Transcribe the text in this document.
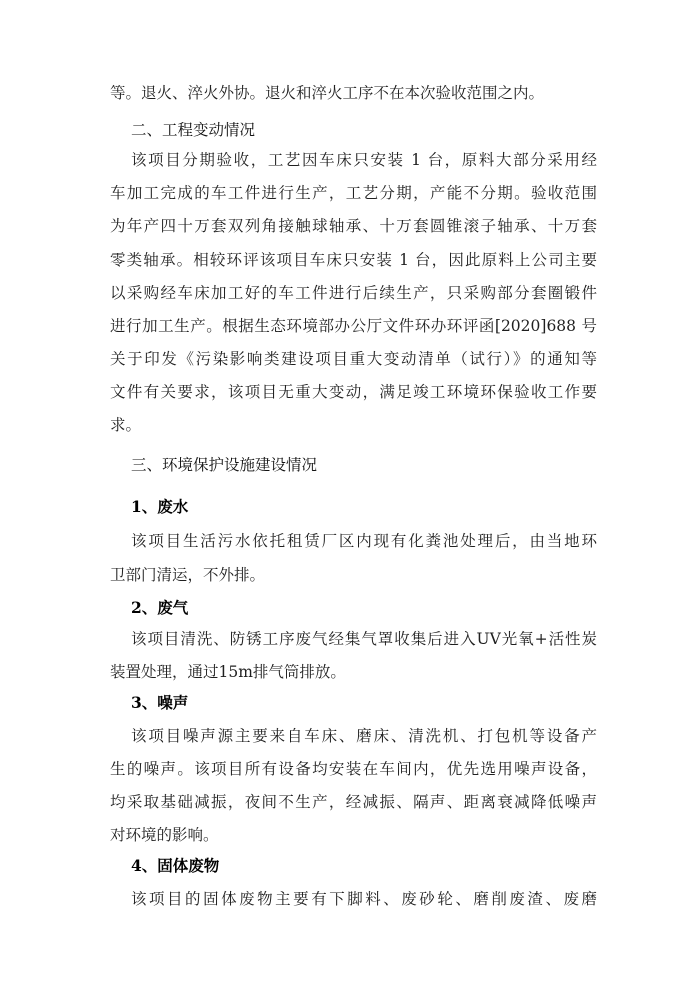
等。退火、淬火外协。退火和淬火工序不在本次验收范围之内。
二、工程变动情况
该项目分期验收，工艺因车床只安装 1 台，原料大部分采用经
车加工完成的车工件进行生产，工艺分期，产能不分期。验收范围
为年产四十万套双列角接触球轴承、十万套圆锥滚子轴承、十万套
零类轴承。相较环评该项目车床只安装 1 台，因此原料上公司主要
以采购经车床加工好的车工件进行后续生产，只采购部分套圈锻件
进行加工生产。根据生态环境部办公厅文件环办环评函[2020]688 号
关于印发《污染影响类建设项目重大变动清单（试行）》的通知等
文件有关要求，该项目无重大变动，满足竣工环境环保验收工作要
求。
三、环境保护设施建设情况
1、废水
该项目生活污水依托租赁厂区内现有化粪池处理后，由当地环
卫部门清运，不外排。
2、废气
该项目清洗、防锈工序废气经集气罩收集后进入UV光氧+活性炭
装置处理，通过15m排气筒排放。
3、噪声
该项目噪声源主要来自车床、磨床、清洗机、打包机等设备产
生的噪声。该项目所有设备均安装在车间内，优先选用噪声设备，
均采取基础减振，夜间不生产，经减振、隔声、距离衰减降低噪声
对环境的影响。
4、固体废物
该项目的固体废物主要有下脚料、废砂轮、磨削废渣、废磨
